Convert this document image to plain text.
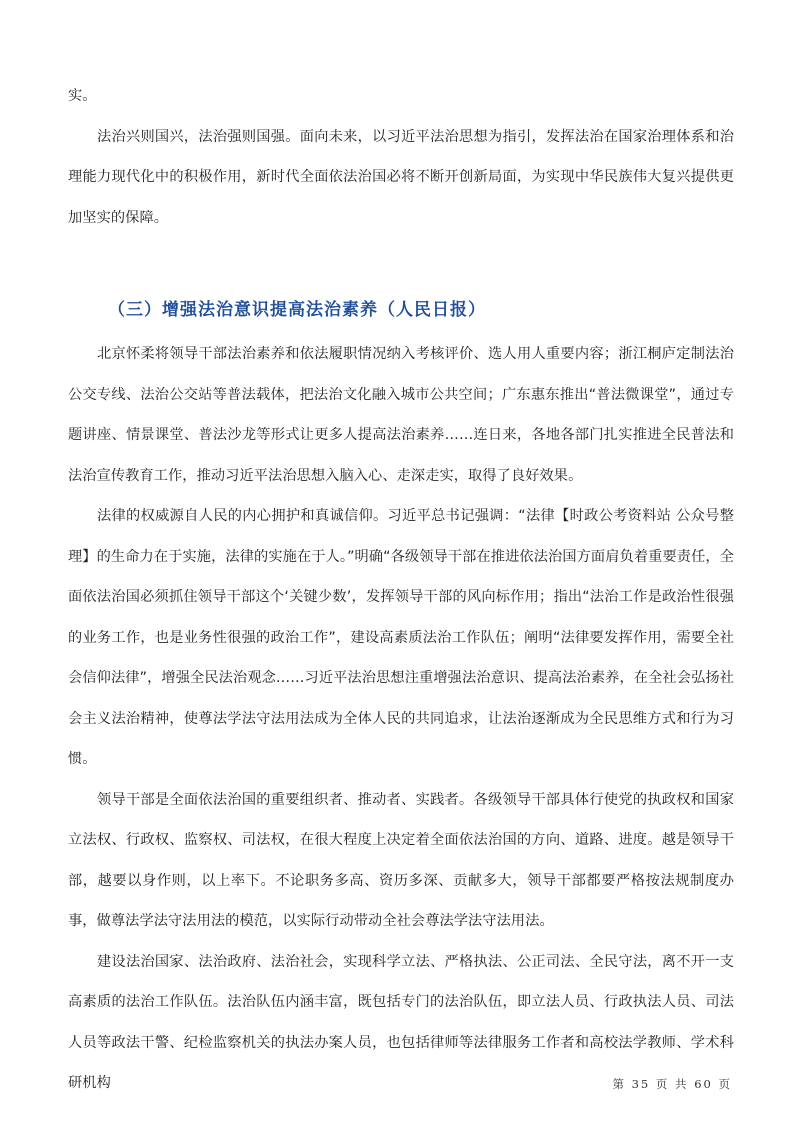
实。

法治兴则国兴，法治强则国强。面向未来，以习近平法治思想为指引，发挥法治在国家治理体系和治理能力现代化中的积极作用，新时代全面依法治国必将不断开创新局面，为实现中华民族伟大复兴提供更加坚实的保障。

（三）增强法治意识提高法治素养（人民日报）

北京怀柔将领导干部法治素养和依法履职情况纳入考核评价、选人用人重要内容；浙江桐庐定制法治公交专线、法治公交站等普法载体，把法治文化融入城市公共空间；广东惠东推出“普法微课堂”，通过专题讲座、情景课堂、普法沙龙等形式让更多人提高法治素养……连日来，各地各部门扎实推进全民普法和法治宣传教育工作，推动习近平法治思想入脑入心、走深走实，取得了良好效果。

法律的权威源自人民的内心拥护和真诚信仰。习近平总书记强调：“法律【时政公考资料站 公众号整理】的生命力在于实施，法律的实施在于人。”明确“各级领导干部在推进依法治国方面肩负着重要责任，全面依法治国必须抓住领导干部这个‘关键少数’，发挥领导干部的风向标作用；指出“法治工作是政治性很强的业务工作，也是业务性很强的政治工作”，建设高素质法治工作队伍；阐明“法律要发挥作用，需要全社会信仰法律”，增强全民法治观念……习近平法治思想注重增强法治意识、提高法治素养，在全社会弘扬社会主义法治精神，使尊法学法守法用法成为全体人民的共同追求，让法治逐渐成为全民思维方式和行为习惯。

领导干部是全面依法治国的重要组织者、推动者、实践者。各级领导干部具体行使党的执政权和国家立法权、行政权、监察权、司法权，在很大程度上决定着全面依法治国的方向、道路、进度。越是领导干部，越要以身作则，以上率下。不论职务多高、资历多深、贡献多大，领导干部都要严格按法规制度办事，做尊法学法守法用法的模范，以实际行动带动全社会尊法学法守法用法。

建设法治国家、法治政府、法治社会，实现科学立法、严格执法、公正司法、全民守法，离不开一支高素质的法治工作队伍。法治队伍内涵丰富，既包括专门的法治队伍，即立法人员、行政执法人员、司法人员等政法干警、纪检监察机关的执法办案人员，也包括律师等法律服务工作者和高校法学教师、学术科研机构	第 35 页 共 60 页
